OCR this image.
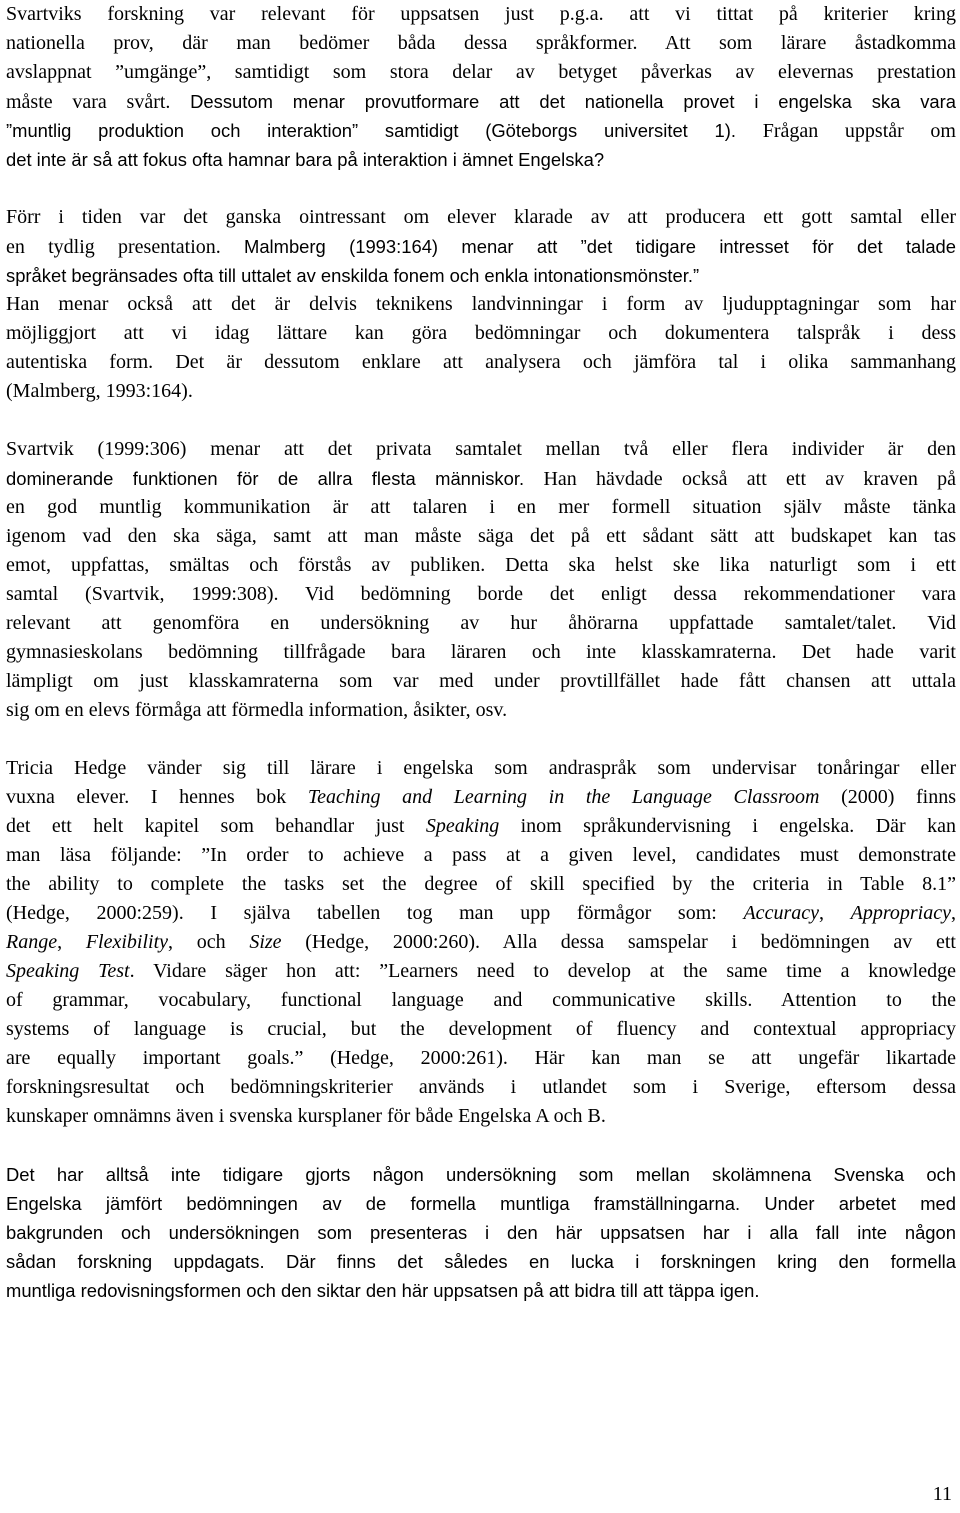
Svartviks forskning var relevant för uppsatsen just p.g.a. att vi tittat på kriterier kring
nationella prov, där man bedömer båda dessa språkformer. Att som lärare åstadkomma
avslappnat ”umgänge”, samtidigt som stora delar av betyget påverkas av elevernas prestation
måste vara svårt. Dessutom menar provutformare att det nationella provet i engelska ska vara
”muntlig produktion och interaktion” samtidigt (Göteborgs universitet 1). Frågan uppstår om
det inte är så att fokus ofta hamnar bara på interaktion i ämnet Engelska?
Förr i tiden var det ganska ointressant om elever klarade av att producera ett gott samtal eller
en tydlig presentation. Malmberg (1993:164) menar att ”det tidigare intresset för det talade
språket begränsades ofta till uttalet av enskilda fonem och enkla intonationsmönster.”
Han menar också att det är delvis teknikens landvinningar i form av ljudupptagningar som har
möjliggjort att vi idag lättare kan göra bedömningar och dokumentera talspråk i dess
autentiska form. Det är dessutom enklare att analysera och jämföra tal i olika sammanhang
(Malmberg, 1993:164).
Svartvik (1999:306) menar att det privata samtalet mellan två eller flera individer är den
dominerande funktionen för de allra flesta människor. Han hävdade också att ett av kraven på
en god muntlig kommunikation är att talaren i en mer formell situation själv måste tänka
igenom vad den ska säga, samt att man måste säga det på ett sådant sätt att budskapet kan tas
emot, uppfattas, smältas och förstås av publiken. Detta ska helst ske lika naturligt som i ett
samtal (Svartvik, 1999:308). Vid bedömning borde det enligt dessa rekommendationer vara
relevant att genomföra en undersökning av hur åhörarna uppfattade samtalet/talet. Vid
gymnasieskolans bedömning tillfrågade bara läraren och inte klasskamraterna. Det hade varit
lämpligt om just klasskamraterna som var med under provtillfället hade fått chansen att uttala
sig om en elevs förmåga att förmedla information, åsikter, osv.
Tricia Hedge vänder sig till lärare i engelska som andraspråk som undervisar tonåringar eller
vuxna elever. I hennes bok Teaching and Learning in the Language Classroom (2000) finns
det ett helt kapitel som behandlar just Speaking inom språkundervisning i engelska. Där kan
man läsa följande: ”In order to achieve a pass at a given level, candidates must demonstrate
the ability to complete the tasks set the degree of skill specified by the criteria in Table 8.1”
(Hedge, 2000:259). I själva tabellen tog man upp förmågor som: Accuracy, Appropriacy,
Range, Flexibility, och Size (Hedge, 2000:260). Alla dessa samspelar i bedömningen av ett
Speaking Test. Vidare säger hon att: ”Learners need to develop at the same time a knowledge
of grammar, vocabulary, functional language and communicative skills. Attention to the
systems of language is crucial, but the development of fluency and contextual appropriacy
are equally important goals.” (Hedge, 2000:261). Här kan man se att ungefär likartade
forskningsresultat och bedömningskriterier används i utlandet som i Sverige, eftersom dessa
kunskaper omnämns även i svenska kursplaner för både Engelska A och B.
Det har alltså inte tidigare gjorts någon undersökning som mellan skolämnena Svenska och
Engelska jämfört bedömningen av de formella muntliga framställningarna. Under arbetet med
bakgrunden och undersökningen som presenteras i den här uppsatsen har i alla fall inte någon
sådan forskning uppdagats. Där finns det således en lucka i forskningen kring den formella
muntliga redovisningsformen och den siktar den här uppsatsen på att bidra till att täppa igen.
11
